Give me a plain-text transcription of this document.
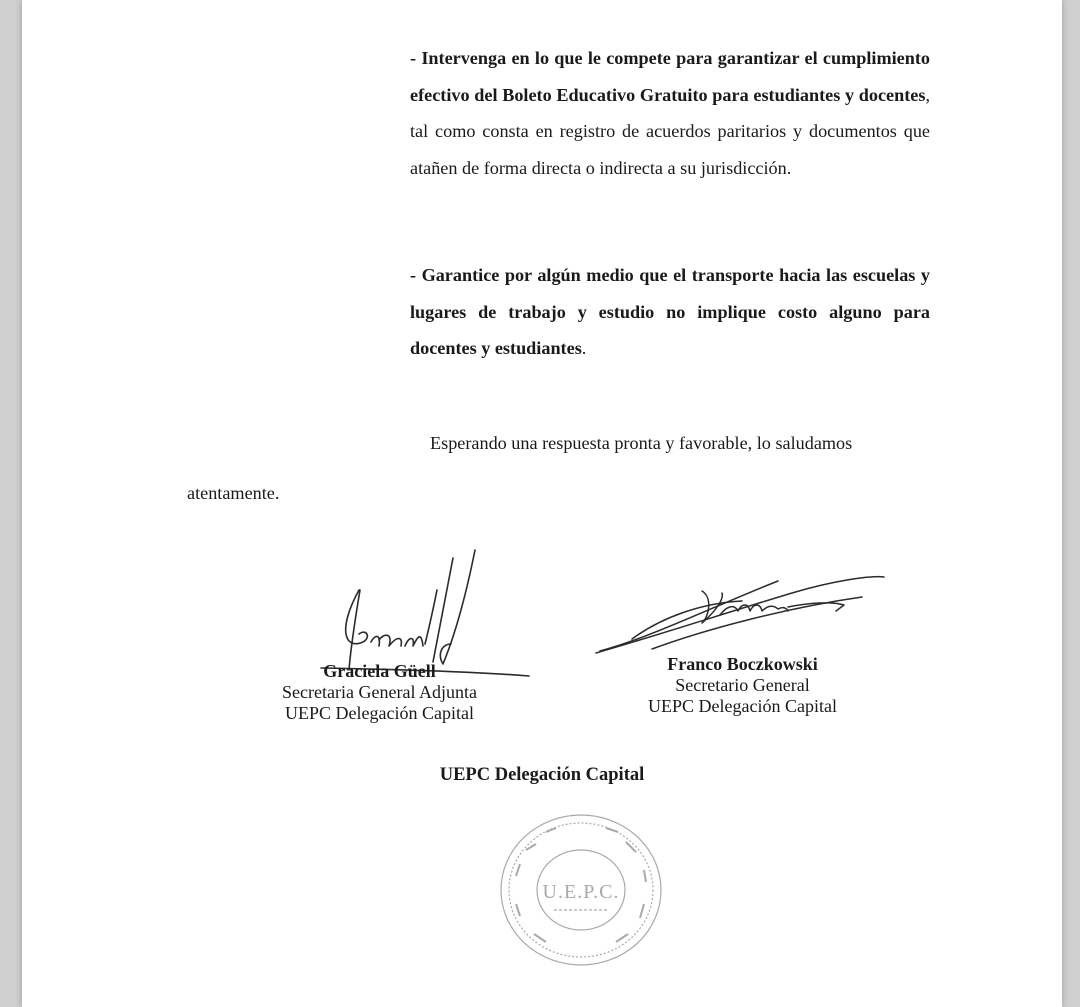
- Intervenga en lo que le compete para garantizar el cumplimiento efectivo del Boleto Educativo Gratuito para estudiantes y docentes, tal como consta en registro de acuerdos paritarios y documentos que atañen de forma directa o indirecta a su jurisdicción.

- Garantice por algún medio que el transporte hacia las escuelas y lugares de trabajo y estudio no implique costo alguno para docentes y estudiantes.

Esperando una respuesta pronta y favorable, lo saludamos

atentamente.

Graciela Güell
Secretaria General Adjunta
UEPC Delegación Capital
Franco Boczkowski
Secretario General
UEPC Delegación Capital
UEPC Delegación Capital
U.E.P.C.
